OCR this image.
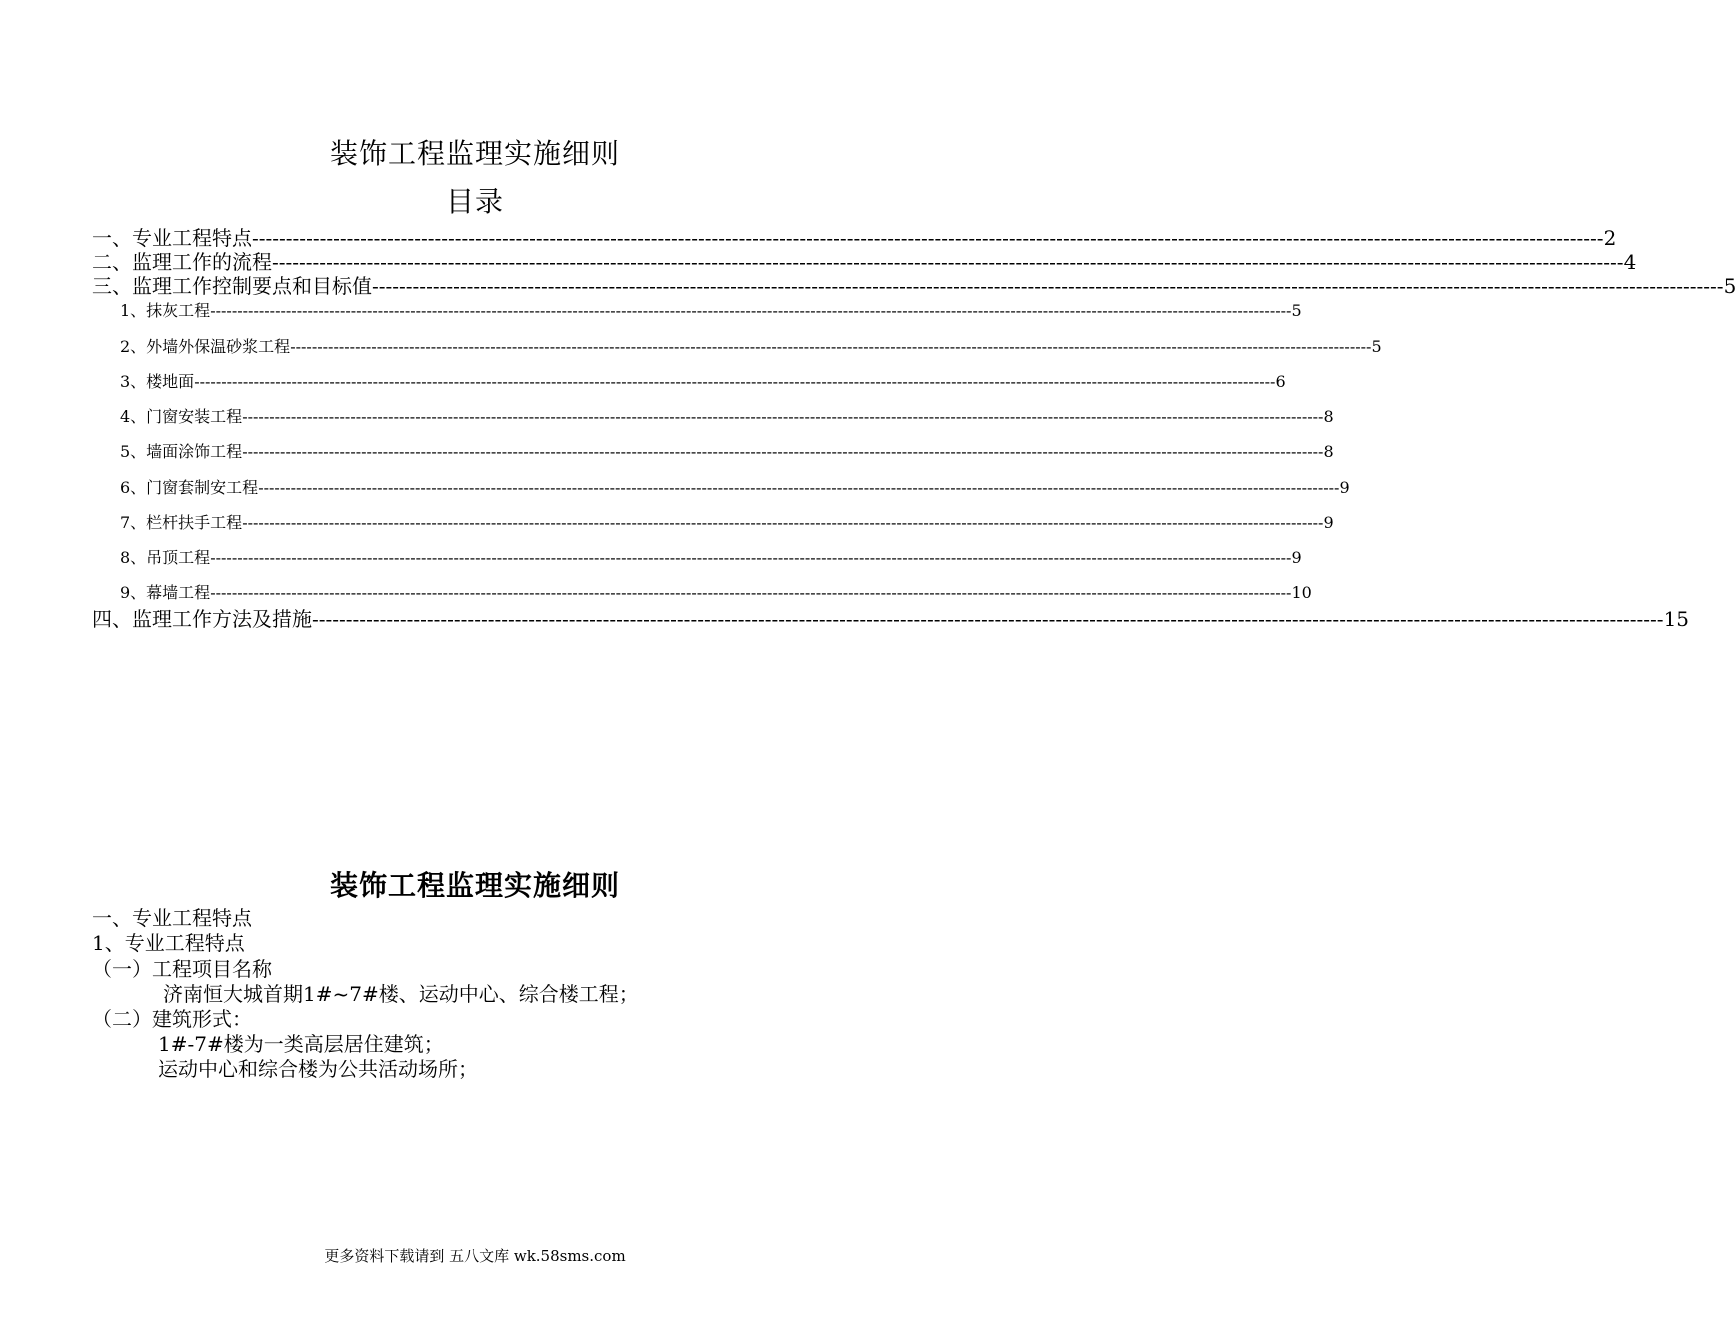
装饰工程监理实施细则
目录
一、专业工程特点 -------------------------------------------------------------------------------------------------------------------------------------------------------------------------------------------------------- 2
二、监理工作的流程 -------------------------------------------------------------------------------------------------------------------------------------------------------------------------------------------------------- 4
三、监理工作控制要点和目标值 -------------------------------------------------------------------------------------------------------------------------------------------------------------------------------------------------------- 5
1、抹灰工程 -------------------------------------------------------------------------------------------------------------------------------------------------------------------------------------------------------- 5
2、外墙外保温砂浆工程 -------------------------------------------------------------------------------------------------------------------------------------------------------------------------------------------------------- 5
3、楼地面 -------------------------------------------------------------------------------------------------------------------------------------------------------------------------------------------------------- 6
4、门窗安装工程 -------------------------------------------------------------------------------------------------------------------------------------------------------------------------------------------------------- 8
5、墙面涂饰工程 -------------------------------------------------------------------------------------------------------------------------------------------------------------------------------------------------------- 8
6、门窗套制安工程 -------------------------------------------------------------------------------------------------------------------------------------------------------------------------------------------------------- 9
7、栏杆扶手工程 -------------------------------------------------------------------------------------------------------------------------------------------------------------------------------------------------------- 9
8、吊顶工程 -------------------------------------------------------------------------------------------------------------------------------------------------------------------------------------------------------- 9
9、幕墙工程 -------------------------------------------------------------------------------------------------------------------------------------------------------------------------------------------------------- 10
四、监理工作方法及措施 -------------------------------------------------------------------------------------------------------------------------------------------------------------------------------------------------------- 15
装饰工程监理实施细则
一、专业工程特点
1、专业工程特点
（一）工程项目名称
济南恒大城首期1#~7#楼、运动中心、综合楼工程；
（二）建筑形式：
1#-7#楼为一类高层居住建筑；
运动中心和综合楼为公共活动场所；
更多资料下载请到 五八文库 wk.58sms.com
